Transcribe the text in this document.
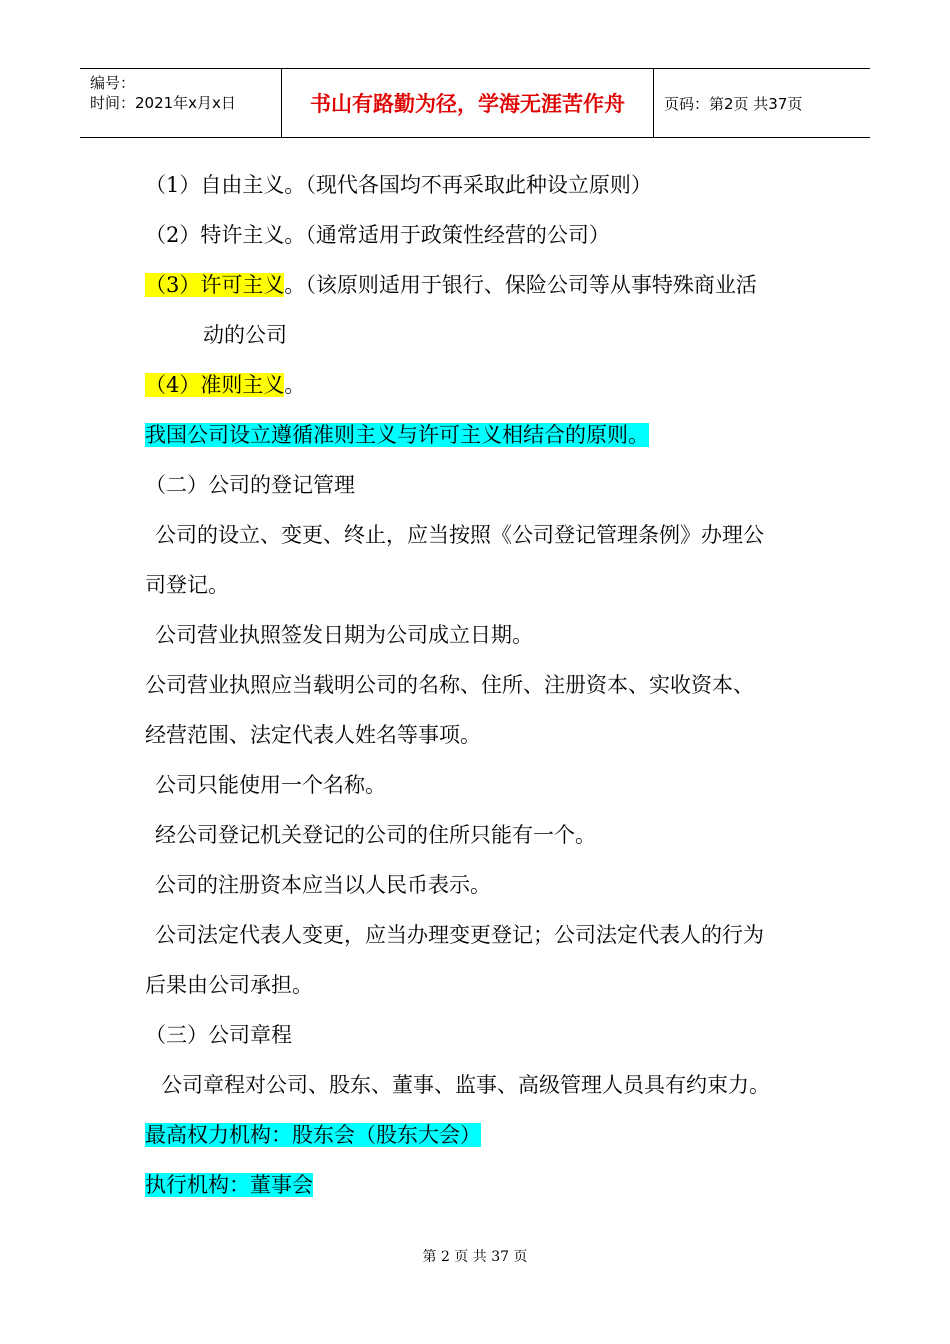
编号：
时间：2021年x月x日	书山有路勤为径，学海无涯苦作舟	页码：第2页 共37页
（1）自由主义。（现代各国均不再采取此种设立原则）
（2）特许主义。（通常适用于政策性经营的公司）
（3）许可主义。（该原则适用于银行、保险公司等从事特殊商业活
动的公司
（4）准则主义。
我国公司设立遵循准则主义与许可主义相结合的原则。
（二）公司的登记管理
公司的设立、变更、终止，应当按照《公司登记管理条例》办理公
司登记。
公司营业执照签发日期为公司成立日期。
公司营业执照应当载明公司的名称、住所、注册资本、实收资本、
经营范围、法定代表人姓名等事项。
公司只能使用一个名称。
经公司登记机关登记的公司的住所只能有一个。
公司的注册资本应当以人民币表示。
公司法定代表人变更，应当办理变更登记；公司法定代表人的行为
后果由公司承担。
（三）公司章程
公司章程对公司、股东、董事、监事、高级管理人员具有约束力。
最高权力机构：股东会（股东大会）
执行机构：董事会
第 2 页 共 37 页
